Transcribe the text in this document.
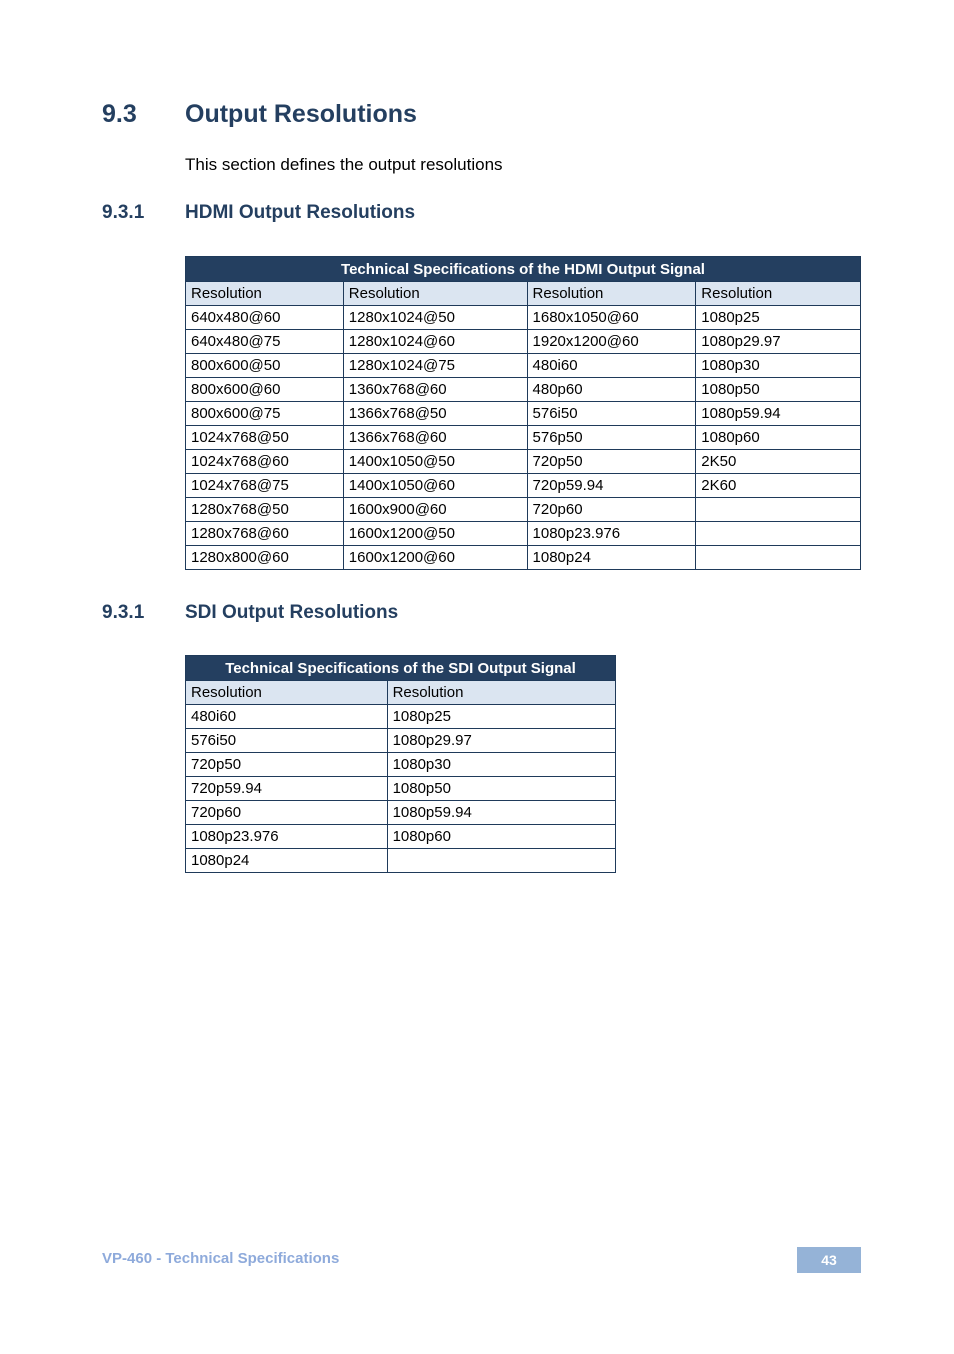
9.3 Output Resolutions
This section defines the output resolutions
9.3.1 HDMI Output Resolutions
Technical Specifications of the HDMI Output Signal			
Resolution	Resolution	Resolution	Resolution
640x480@60	1280x1024@50	1680x1050@60	1080p25
640x480@75	1280x1024@60	1920x1200@60	1080p29.97
800x600@50	1280x1024@75	480i60	1080p30
800x600@60	1360x768@60	480p60	1080p50
800x600@75	1366x768@50	576i50	1080p59.94
1024x768@50	1366x768@60	576p50	1080p60
1024x768@60	1400x1050@50	720p50	2K50
1024x768@75	1400x1050@60	720p59.94	2K60
1280x768@50	1600x900@60	720p60	
1280x768@60	1600x1200@50	1080p23.976	
1280x800@60	1600x1200@60	1080p24	
9.3.1 SDI Output Resolutions
Technical Specifications of the SDI Output Signal	
Resolution	Resolution
480i60	1080p25
576i50	1080p29.97
720p50	1080p30
720p59.94	1080p50
720p60	1080p59.94
1080p23.976	1080p60
1080p24	
VP-460 - Technical Specifications	43
